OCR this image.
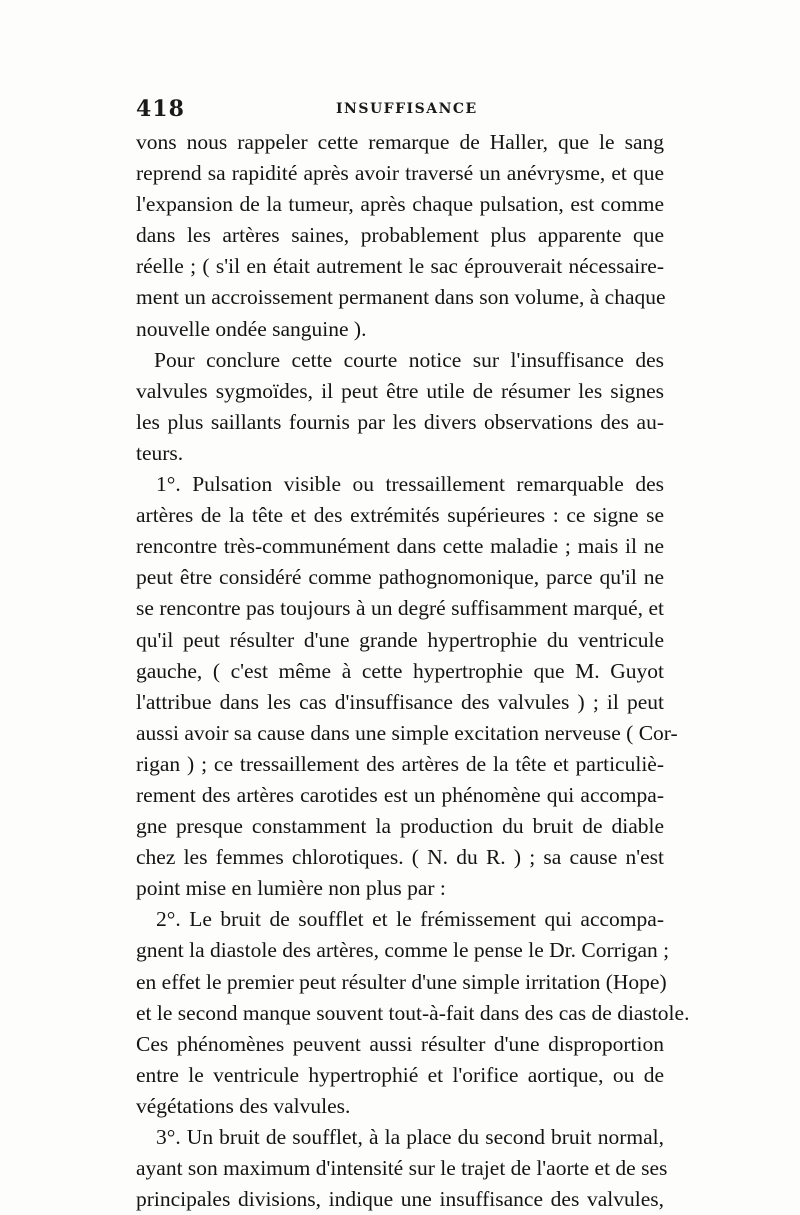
418	INSUFFISANCE
vons nous rappeler cette remarque de Haller, que le sang
reprend sa rapidité après avoir traversé un anévrysme, et que
l'expansion de la tumeur, après chaque pulsation, est comme
dans les artères saines, probablement plus apparente que
réelle ; ( s'il en était autrement le sac éprouverait nécessaire-
ment un accroissement permanent dans son volume, à chaque
nouvelle ondée sanguine ).
Pour conclure cette courte notice sur l'insuffisance des
valvules sygmoïdes, il peut être utile de résumer les signes
les plus saillants fournis par les divers observations des au-
teurs.
1°. Pulsation visible ou tressaillement remarquable des
artères de la tête et des extrémités supérieures : ce signe se
rencontre très-communément dans cette maladie ; mais il ne
peut être considéré comme pathognomonique, parce qu'il ne
se rencontre pas toujours à un degré suffisamment marqué, et
qu'il peut résulter d'une grande hypertrophie du ventricule
gauche, ( c'est même à cette hypertrophie que M. Guyot
l'attribue dans les cas d'insuffisance des valvules ) ; il peut
aussi avoir sa cause dans une simple excitation nerveuse ( Cor-
rigan ) ; ce tressaillement des artères de la tête et particuliè-
rement des artères carotides est un phénomène qui accompa-
gne presque constamment la production du bruit de diable
chez les femmes chlorotiques. ( N. du R. ) ; sa cause n'est
point mise en lumière non plus par :
2°. Le bruit de soufflet et le frémissement qui accompa-
gnent la diastole des artères, comme le pense le Dr. Corrigan ;
en effet le premier peut résulter d'une simple irritation (Hope)
et le second manque souvent tout-à-fait dans des cas de diastole.
Ces phénomènes peuvent aussi résulter d'une disproportion
entre le ventricule hypertrophié et l'orifice aortique, ou de
végétations des valvules.
3°. Un bruit de soufflet, à la place du second bruit normal,
ayant son maximum d'intensité sur le trajet de l'aorte et de ses
principales divisions, indique une insuffisance des valvules,
